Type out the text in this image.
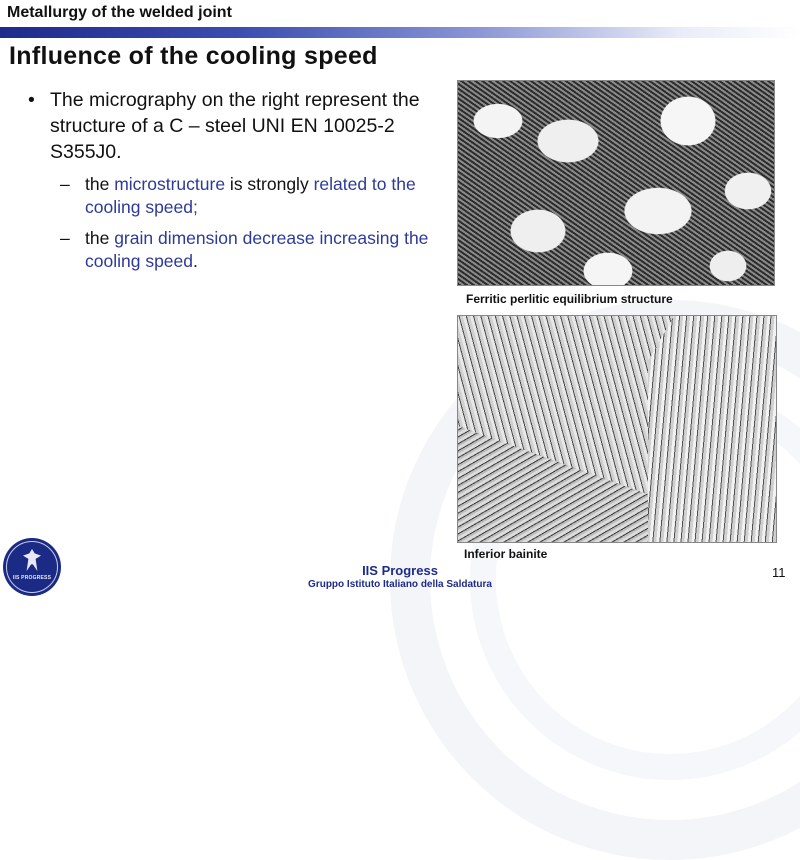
Metallurgy of the welded joint
Influence of the cooling speed
• The micrography on the right represent the structure of a C – steel UNI EN 10025-2 S355J0.
– the microstructure is strongly related to the cooling speed;
– the grain dimension decrease increasing the cooling speed.
Ferritic perlitic equilibrium structure
Inferior bainite
IIS PROGRESS	IIS Progress
Gruppo Istituto Italiano della Saldatura
11
